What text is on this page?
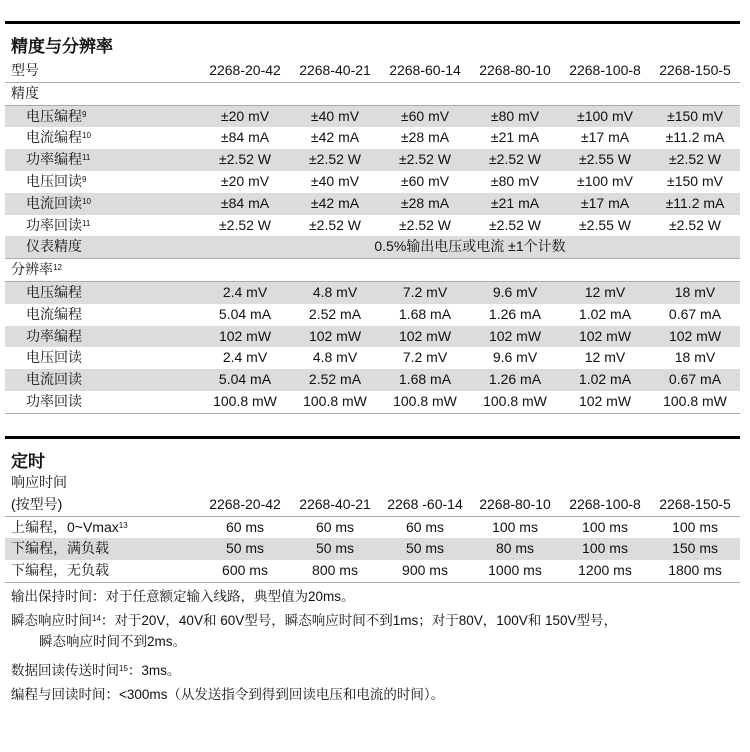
精度与分辨率
型号	2268-20-42	2268-40-21	2268-60-14	2268-80-10	2268-100-8	2268-150-5
精度						
电压编程$^9$	±20 mV	±40 mV	±60 mV	±80 mV	±100 mV	±150 mV
电流编程$^{10}$	±84 mA	±42 mA	±28 mA	±21 mA	±17 mA	±11.2 mA
功率编程$^{11}$	±2.52 W	±2.52 W	±2.52 W	±2.52 W	±2.55 W	±2.52 W
电压回读$^9$	±20 mV	±40 mV	±60 mV	±80 mV	±100 mV	±150 mV
电流回读$^{10}$	±84 mA	±42 mA	±28 mA	±21 mA	±17 mA	±11.2 mA
功率回读$^{11}$	±2.52 W	±2.52 W	±2.52 W	±2.52 W	±2.55 W	±2.52 W
仪表精度	0.5%输出电压或电流 ±1个计数					
分辨率$^{12}$
电压编程	2.4 mV	4.8 mV	7.2 mV	9.6 mV	12 mV	18 mV
电流编程	5.04 mA	2.52 mA	1.68 mA	1.26 mA	1.02 mA	0.67 mA
功率编程	102 mW	102 mW	102 mW	102 mW	102 mW	102 mW
电压回读	2.4 mV	4.8 mV	7.2 mV	9.6 mV	12 mV	18 mV
电流回读	5.04 mA	2.52 mA	1.68 mA	1.26 mA	1.02 mA	0.67 mA
功率回读	100.8 mW	100.8 mW	100.8 mW	100.8 mW	102 mW	100.8 mW
定时
响应时间						
(按型号)	2268-20-42	2268-40-21	2268 -60-14	2268-80-10	2268-100-8	2268-150-5
上编程，0~Vmax$^{13}$	60 ms	60 ms	60 ms	100 ms	100 ms	100 ms
下编程，满负载	50 ms	50 ms	50 ms	80 ms	100 ms	150 ms
下编程，无负载	600 ms	800 ms	900 ms	1000 ms	1200 ms	1800 ms

输出保持时间：对于任意额定输入线路，典型值为20ms。

瞬态响应时间$^{14}$：对于20V，40V和 60V型号，瞬态响应时间不到1ms；对于80V，100V和 150V型号，

瞬态响应时间不到2ms。

数据回读传送时间$^{15}$：3ms。

编程与回读时间：<300ms（从发送指令到得到回读电压和电流的时间）。
